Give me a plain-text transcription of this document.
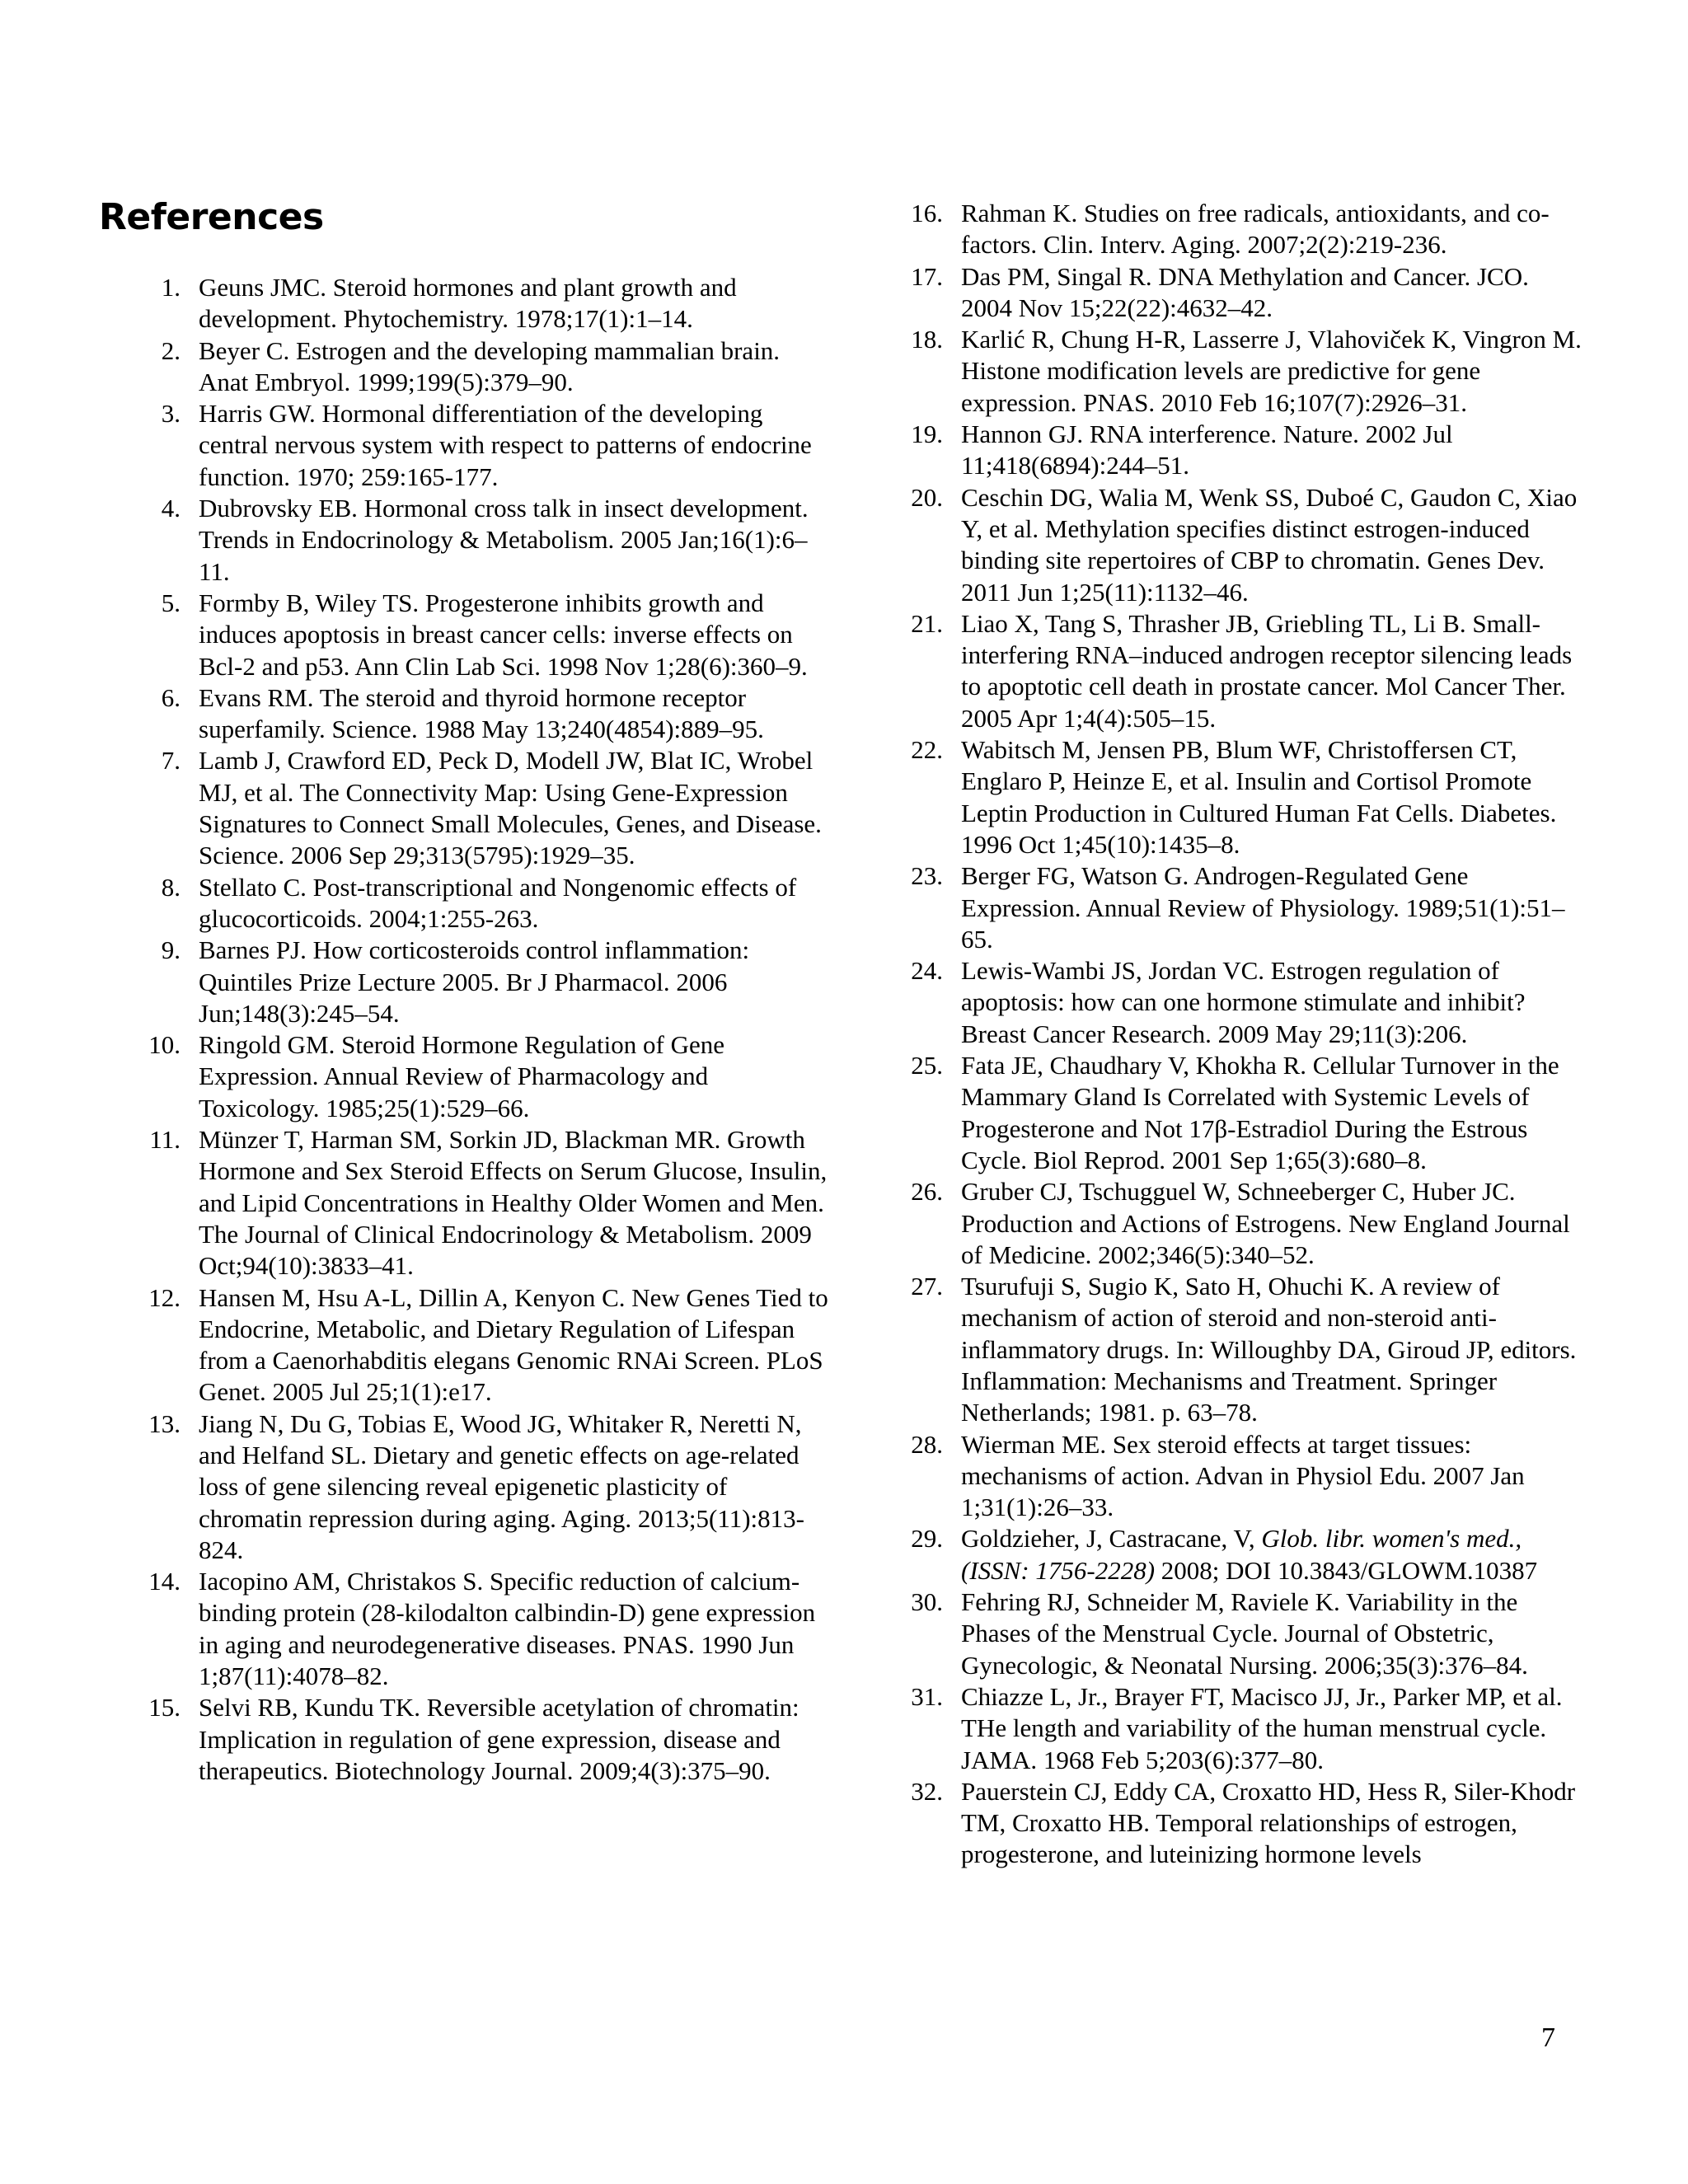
References
1. Geuns JMC. Steroid hormones and plant growth and development. Phytochemistry. 1978;17(1):1–14.
2. Beyer C. Estrogen and the developing mammalian brain. Anat Embryol. 1999;199(5):379–90.
3. Harris GW. Hormonal differentiation of the developing central nervous system with respect to patterns of endocrine function. 1970; 259:165-177.
4. Dubrovsky EB. Hormonal cross talk in insect development. Trends in Endocrinology & Metabolism. 2005 Jan;16(1):6–11.
5. Formby B, Wiley TS. Progesterone inhibits growth and induces apoptosis in breast cancer cells: inverse effects on Bcl-2 and p53. Ann Clin Lab Sci. 1998 Nov 1;28(6):360–9.
6. Evans RM. The steroid and thyroid hormone receptor superfamily. Science. 1988 May 13;240(4854):889–95.
7. Lamb J, Crawford ED, Peck D, Modell JW, Blat IC, Wrobel MJ, et al. The Connectivity Map: Using Gene-Expression Signatures to Connect Small Molecules, Genes, and Disease. Science. 2006 Sep 29;313(5795):1929–35.
8. Stellato C. Post-transcriptional and Nongenomic effects of glucocorticoids. 2004;1:255-263.
9. Barnes PJ. How corticosteroids control inflammation: Quintiles Prize Lecture 2005. Br J Pharmacol. 2006 Jun;148(3):245–54.
10. Ringold GM. Steroid Hormone Regulation of Gene Expression. Annual Review of Pharmacology and Toxicology. 1985;25(1):529–66.
11. Münzer T, Harman SM, Sorkin JD, Blackman MR. Growth Hormone and Sex Steroid Effects on Serum Glucose, Insulin, and Lipid Concentrations in Healthy Older Women and Men. The Journal of Clinical Endocrinology & Metabolism. 2009 Oct;94(10):3833–41.
12. Hansen M, Hsu A-L, Dillin A, Kenyon C. New Genes Tied to Endocrine, Metabolic, and Dietary Regulation of Lifespan from a Caenorhabditis elegans Genomic RNAi Screen. PLoS Genet. 2005 Jul 25;1(1):e17.
13. Jiang N, Du G, Tobias E, Wood JG, Whitaker R, Neretti N, and Helfand SL. Dietary and genetic effects on age-related loss of gene silencing reveal epigenetic plasticity of chromatin repression during aging. Aging. 2013;5(11):813-824.
14. Iacopino AM, Christakos S. Specific reduction of calcium-binding protein (28-kilodalton calbindin-D) gene expression in aging and neurodegenerative diseases. PNAS. 1990 Jun 1;87(11):4078–82.
15. Selvi RB, Kundu TK. Reversible acetylation of chromatin: Implication in regulation of gene expression, disease and therapeutics. Biotechnology Journal. 2009;4(3):375–90.
16. Rahman K. Studies on free radicals, antioxidants, and co-factors. Clin. Interv. Aging. 2007;2(2):219-236.
17. Das PM, Singal R. DNA Methylation and Cancer. JCO. 2004 Nov 15;22(22):4632–42.
18. Karlić R, Chung H-R, Lasserre J, Vlahoviček K, Vingron M. Histone modification levels are predictive for gene expression. PNAS. 2010 Feb 16;107(7):2926–31.
19. Hannon GJ. RNA interference. Nature. 2002 Jul 11;418(6894):244–51.
20. Ceschin DG, Walia M, Wenk SS, Duboé C, Gaudon C, Xiao Y, et al. Methylation specifies distinct estrogen-induced binding site repertoires of CBP to chromatin. Genes Dev. 2011 Jun 1;25(11):1132–46.
21. Liao X, Tang S, Thrasher JB, Griebling TL, Li B. Small-interfering RNA–induced androgen receptor silencing leads to apoptotic cell death in prostate cancer. Mol Cancer Ther. 2005 Apr 1;4(4):505–15.
22. Wabitsch M, Jensen PB, Blum WF, Christoffersen CT, Englaro P, Heinze E, et al. Insulin and Cortisol Promote Leptin Production in Cultured Human Fat Cells. Diabetes. 1996 Oct 1;45(10):1435–8.
23. Berger FG, Watson G. Androgen-Regulated Gene Expression. Annual Review of Physiology. 1989;51(1):51–65.
24. Lewis-Wambi JS, Jordan VC. Estrogen regulation of apoptosis: how can one hormone stimulate and inhibit? Breast Cancer Research. 2009 May 29;11(3):206.
25. Fata JE, Chaudhary V, Khokha R. Cellular Turnover in the Mammary Gland Is Correlated with Systemic Levels of Progesterone and Not 17β-Estradiol During the Estrous Cycle. Biol Reprod. 2001 Sep 1;65(3):680–8.
26. Gruber CJ, Tschugguel W, Schneeberger C, Huber JC. Production and Actions of Estrogens. New England Journal of Medicine. 2002;346(5):340–52.
27. Tsurufuji S, Sugio K, Sato H, Ohuchi K. A review of mechanism of action of steroid and non-steroid anti-inflammatory drugs. In: Willoughby DA, Giroud JP, editors. Inflammation: Mechanisms and Treatment. Springer Netherlands; 1981. p. 63–78.
28. Wierman ME. Sex steroid effects at target tissues: mechanisms of action. Advan in Physiol Edu. 2007 Jan 1;31(1):26–33.
29. Goldzieher, J, Castracane, V, Glob. libr. women's med.,(ISSN: 1756-2228) 2008; DOI 10.3843/GLOWM.10387
30. Fehring RJ, Schneider M, Raviele K. Variability in the Phases of the Menstrual Cycle. Journal of Obstetric, Gynecologic, & Neonatal Nursing. 2006;35(3):376–84.
31. Chiazze L, Jr., Brayer FT, Macisco JJ, Jr., Parker MP, et al. THe length and variability of the human menstrual cycle. JAMA. 1968 Feb 5;203(6):377–80.
32. Pauerstein CJ, Eddy CA, Croxatto HD, Hess R, Siler-Khodr TM, Croxatto HB. Temporal relationships of estrogen, progesterone, and luteinizing hormone levels
7
